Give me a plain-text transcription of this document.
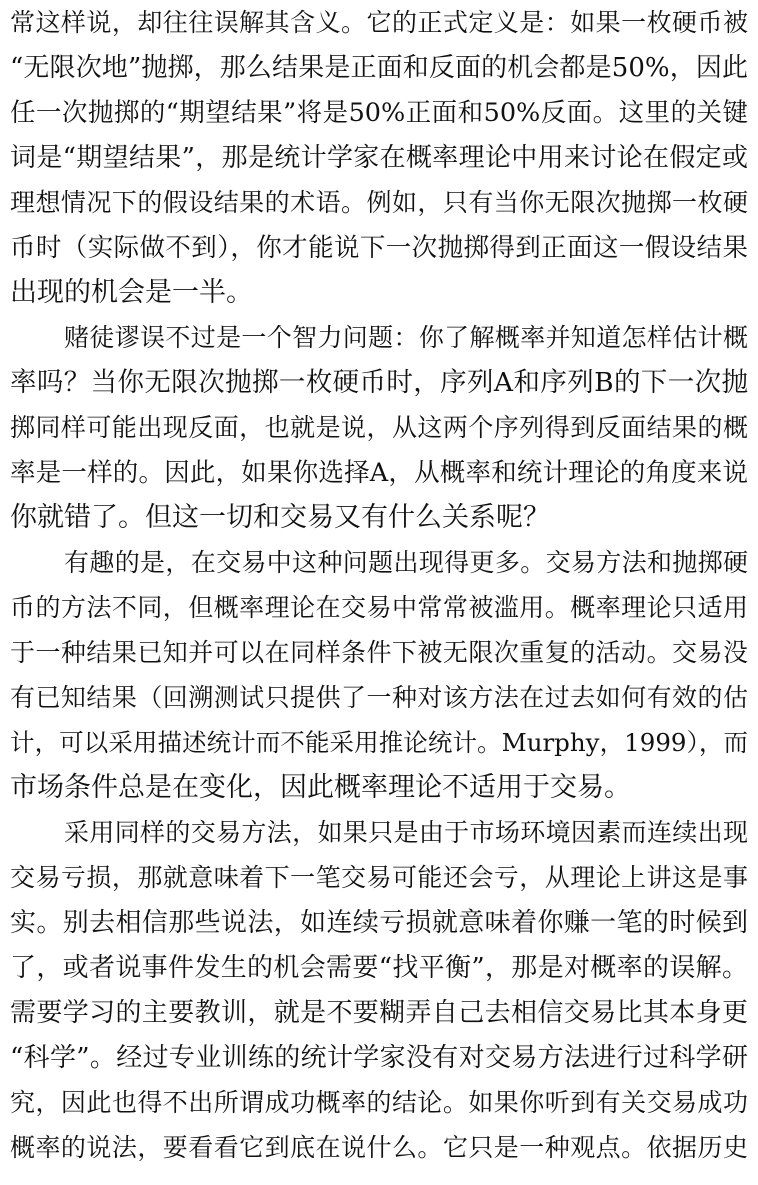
常这样说，却往往误解其含义。它的正式定义是：如果一枚硬币被
“无限次地”抛掷，那么结果是正面和反面的机会都是50%，因此
任一次抛掷的“期望结果”将是50%正面和50%反面。这里的关键
词是“期望结果”，那是统计学家在概率理论中用来讨论在假定或
理想情况下的假设结果的术语。例如，只有当你无限次抛掷一枚硬
币时（实际做不到），你才能说下一次抛掷得到正面这一假设结果
出现的机会是一半。
赌徒谬误不过是一个智力问题：你了解概率并知道怎样估计概
率吗？当你无限次抛掷一枚硬币时，序列A和序列B的下一次抛
掷同样可能出现反面，也就是说，从这两个序列得到反面结果的概
率是一样的。因此，如果你选择A，从概率和统计理论的角度来说
你就错了。但这一切和交易又有什么关系呢？
有趣的是，在交易中这种问题出现得更多。交易方法和抛掷硬
币的方法不同，但概率理论在交易中常常被滥用。概率理论只适用
于一种结果已知并可以在同样条件下被无限次重复的活动。交易没
有已知结果（回溯测试只提供了一种对该方法在过去如何有效的估
计，可以采用描述统计而不能采用推论统计。Murphy，1999），而
市场条件总是在变化，因此概率理论不适用于交易。
采用同样的交易方法，如果只是由于市场环境因素而连续出现
交易亏损，那就意味着下一笔交易可能还会亏，从理论上讲这是事
实。别去相信那些说法，如连续亏损就意味着你赚一笔的时候到
了，或者说事件发生的机会需要“找平衡”，那是对概率的误解。
需要学习的主要教训，就是不要糊弄自己去相信交易比其本身更
“科学”。经过专业训练的统计学家没有对交易方法进行过科学研
究，因此也得不出所谓成功概率的结论。如果你听到有关交易成功
概率的说法，要看看它到底在说什么。它只是一种观点。依据历史
